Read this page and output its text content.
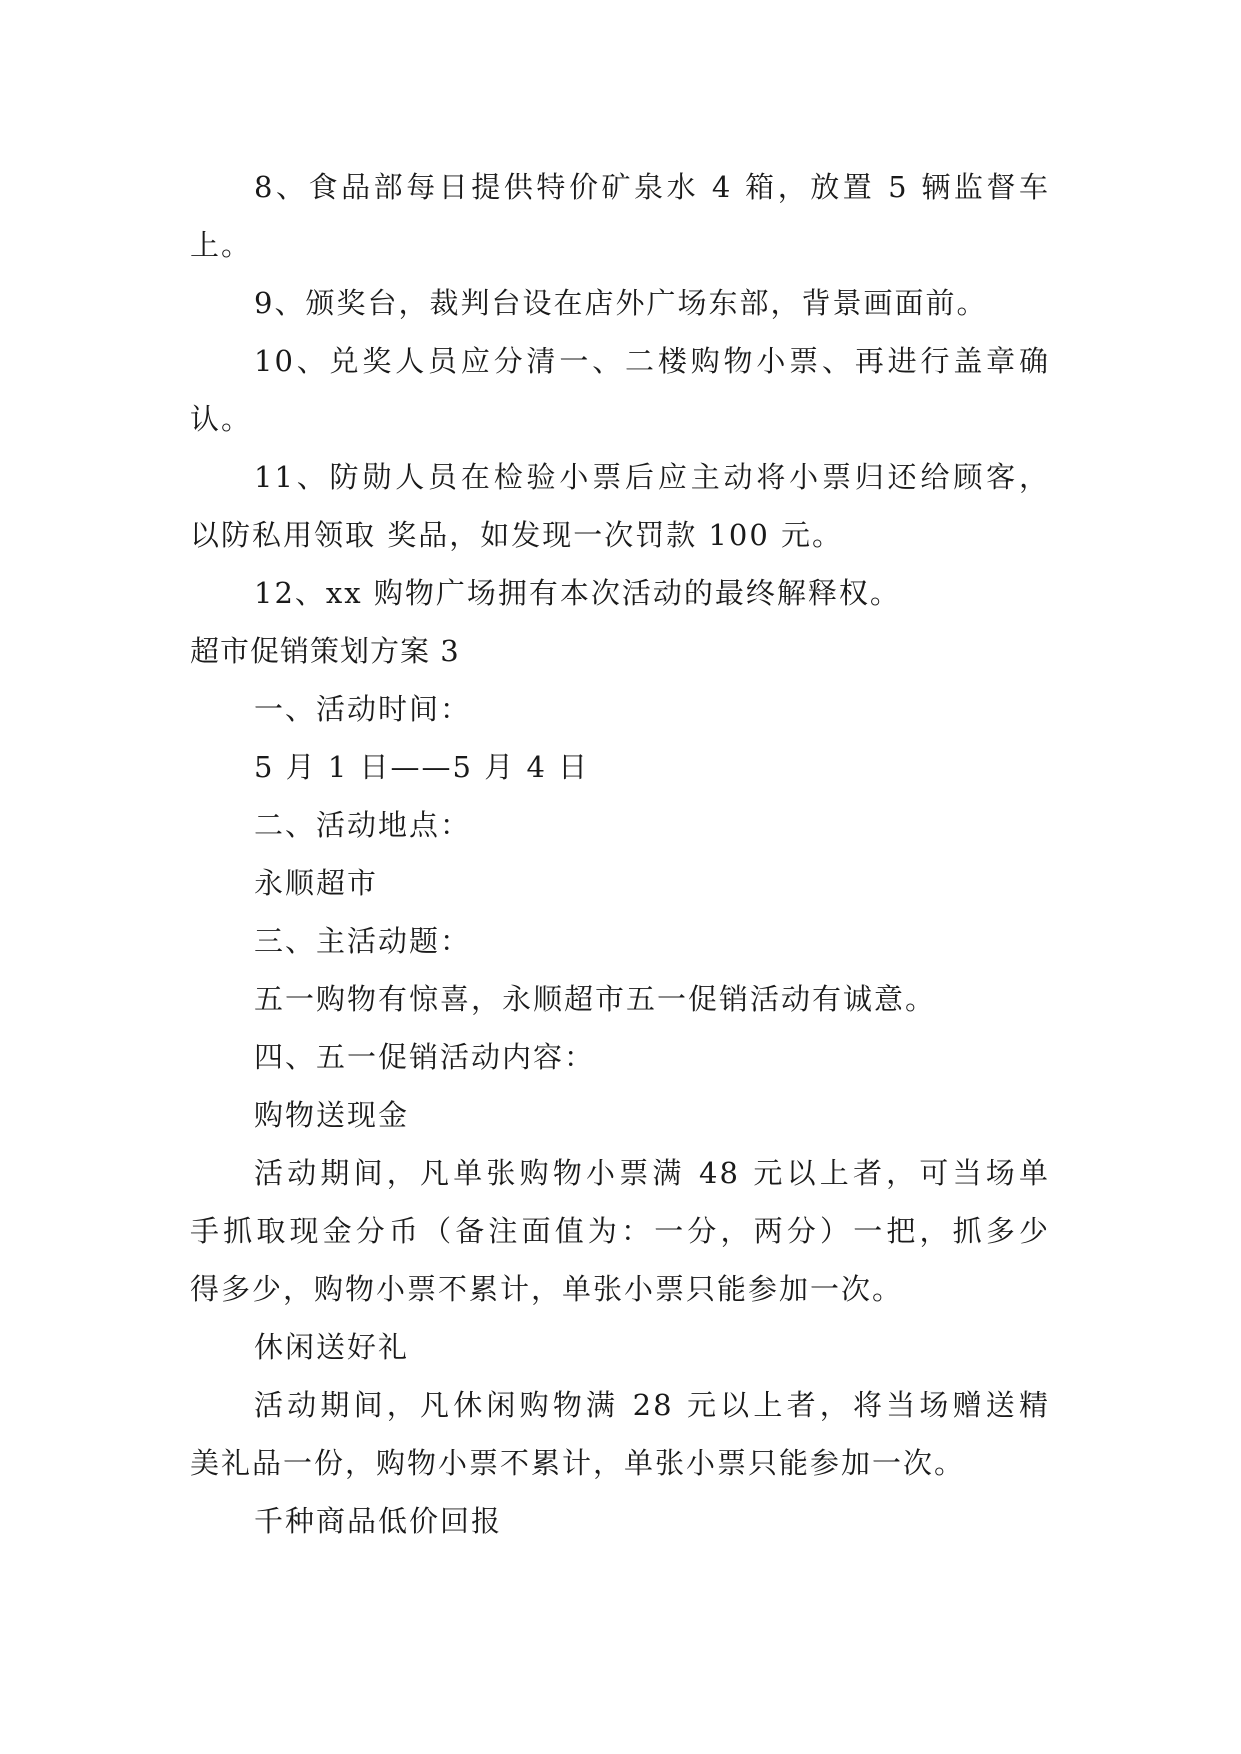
8、食品部每日提供特价矿泉水 4 箱，放置 5 辆监督车
上。
9、颁奖台，裁判台设在店外广场东部，背景画面前。
10、兑奖人员应分清一、二楼购物小票、再进行盖章确
认。
11、防勋人员在检验小票后应主动将小票归还给顾客，
以防私用领取 奖品，如发现一次罚款 100 元。
12、xx 购物广场拥有本次活动的最终解释权。
超市促销策划方案 3
一、活动时间：
5 月 1 日——5 月 4 日
二、活动地点：
永顺超市
三、主活动题：
五一购物有惊喜，永顺超市五一促销活动有诚意。
四、五一促销活动内容：
购物送现金
活动期间，凡单张购物小票满 48 元以上者，可当场单
手抓取现金分币（备注面值为：一分，两分）一把，抓多少
得多少，购物小票不累计，单张小票只能参加一次。
休闲送好礼
活动期间，凡休闲购物满 28 元以上者，将当场赠送精
美礼品一份，购物小票不累计，单张小票只能参加一次。
千种商品低价回报
